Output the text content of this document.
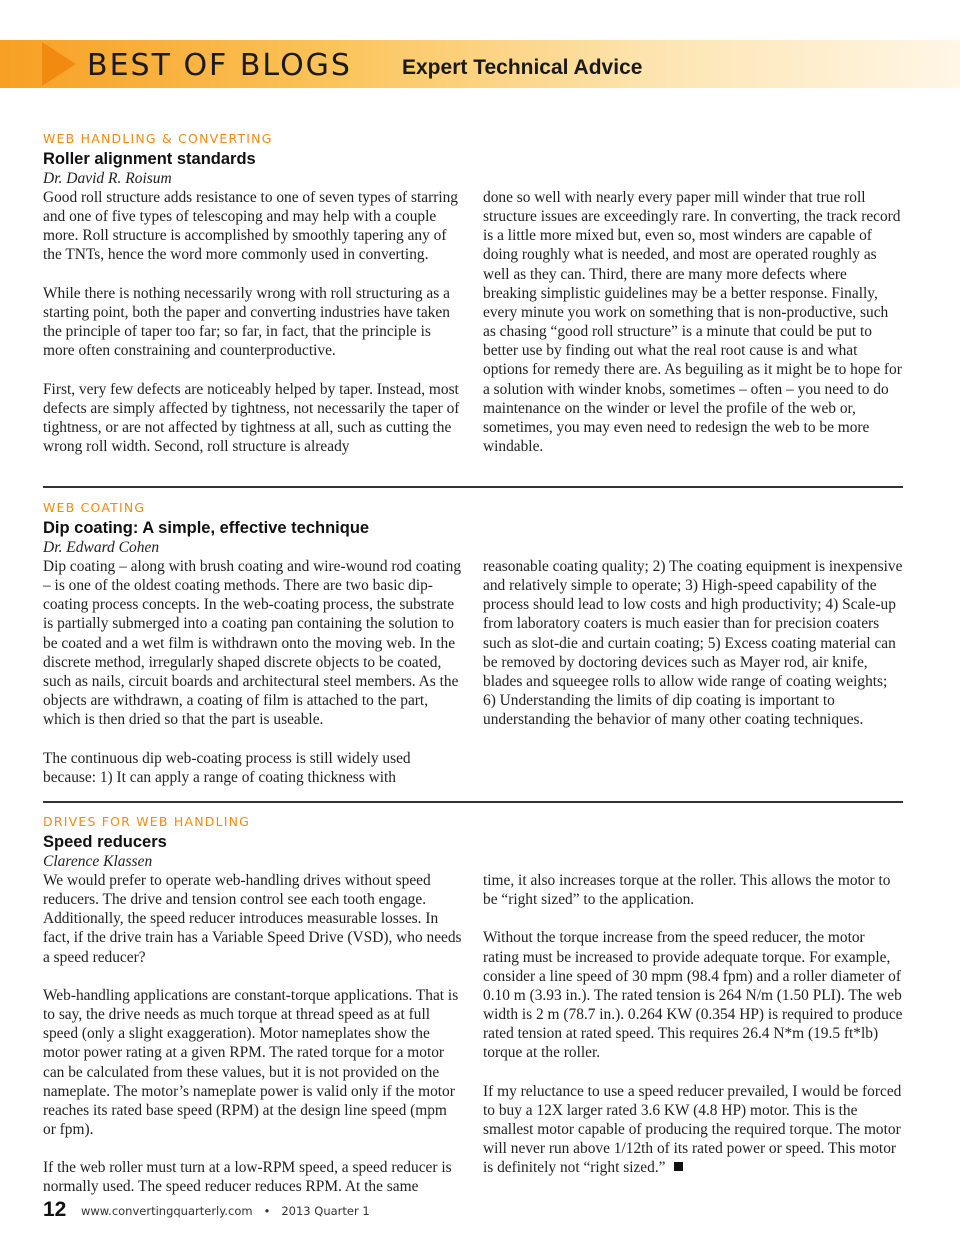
BEST OF BLOGS Expert Technical Advice

WEB HANDLING & CONVERTING

Roller alignment standards

Dr. David R. Roisum

Good roll structure adds resistance to one of seven types of starring and one of five types of telescoping and may help with a couple more. Roll structure is accomplished by smoothly tapering any of the TNTs, hence the word more commonly used in converting.

While there is nothing necessarily wrong with roll structuring as a starting point, both the paper and converting industries have taken the principle of taper too far; so far, in fact, that the principle is more often constraining and counterproductive.

First, very few defects are noticeably helped by taper. Instead, most defects are simply affected by tightness, not necessarily the taper of tightness, or are not affected by tightness at all, such as cutting the wrong roll width. Second, roll structure is already

done so well with nearly every paper mill winder that true roll structure issues are exceedingly rare. In converting, the track record is a little more mixed but, even so, most winders are capable of doing roughly what is needed, and most are operated roughly as well as they can. Third, there are many more defects where breaking simplistic guidelines may be a better response. Finally, every minute you work on something that is non-productive, such as chasing “good roll structure” is a minute that could be put to better use by finding out what the real root cause is and what options for remedy there are. As beguiling as it might be to hope for a solution with winder knobs, sometimes – often – you need to do maintenance on the winder or level the profile of the web or, sometimes, you may even need to redesign the web to be more windable.

WEB COATING

Dip coating: A simple, effective technique

Dr. Edward Cohen

Dip coating – along with brush coating and wire-wound rod coating – is one of the oldest coating methods. There are two basic dip-coating process concepts. In the web-coating process, the substrate is partially submerged into a coating pan containing the solution to be coated and a wet film is withdrawn onto the moving web. In the discrete method, irregularly shaped discrete objects to be coated, such as nails, circuit boards and architectural steel members. As the objects are withdrawn, a coating of film is attached to the part, which is then dried so that the part is useable.

The continuous dip web-coating process is still widely used because: 1) It can apply a range of coating thickness with

reasonable coating quality; 2) The coating equipment is inexpensive and relatively simple to operate; 3) High-speed capability of the process should lead to low costs and high productivity; 4) Scale-up from laboratory coaters is much easier than for precision coaters such as slot-die and curtain coating; 5) Excess coating material can be removed by doctoring devices such as Mayer rod, air knife, blades and squeegee rolls to allow wide range of coating weights; 6) Understanding the limits of dip coating is important to understanding the behavior of many other coating techniques.

DRIVES FOR WEB HANDLING

Speed reducers

Clarence Klassen

We would prefer to operate web-handling drives without speed reducers. The drive and tension control see each tooth engage. Additionally, the speed reducer introduces measurable losses. In fact, if the drive train has a Variable Speed Drive (VSD), who needs a speed reducer?

Web-handling applications are constant-torque applications. That is to say, the drive needs as much torque at thread speed as at full speed (only a slight exaggeration). Motor nameplates show the motor power rating at a given RPM. The rated torque for a motor can be calculated from these values, but it is not provided on the nameplate. The motor’s nameplate power is valid only if the motor reaches its rated base speed (RPM) at the design line speed (mpm or fpm).

If the web roller must turn at a low-RPM speed, a speed reducer is normally used. The speed reducer reduces RPM. At the same

time, it also increases torque at the roller. This allows the motor to be “right sized” to the application.

Without the torque increase from the speed reducer, the motor rating must be increased to provide adequate torque. For example, consider a line speed of 30 mpm (98.4 fpm) and a roller diameter of 0.10 m (3.93 in.). The rated tension is 264 N/m (1.50 PLI). The web width is 2 m (78.7 in.). 0.264 KW (0.354 HP) is required to produce rated tension at rated speed. This requires 26.4 N*m (19.5 ft*lb) torque at the roller.

If my reluctance to use a speed reducer prevailed, I would be forced to buy a 12X larger rated 3.6 KW (4.8 HP) motor. This is the smallest motor capable of producing the required torque. The motor will never run above 1/12th of its rated power or speed. This motor is definitely not “right sized.”

12 www.convertingquarterly.com • 2013 Quarter 1
